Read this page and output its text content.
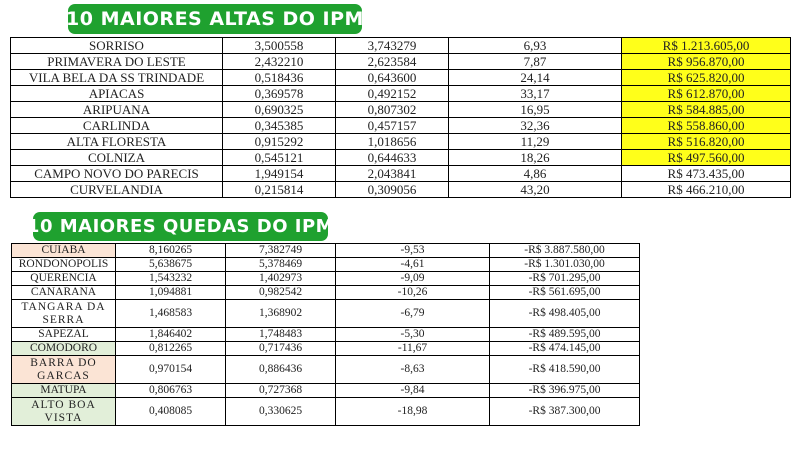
10 MAIORES ALTAS DO IPM
SORRISO	3,500558	3,743279	6,93	R$ 1.213.605,00
PRIMAVERA DO LESTE	2,432210	2,623584	7,87	R$ 956.870,00
VILA BELA DA SS TRINDADE	0,518436	0,643600	24,14	R$ 625.820,00
APIACAS	0,369578	0,492152	33,17	R$ 612.870,00
ARIPUANA	0,690325	0,807302	16,95	R$ 584.885,00
CARLINDA	0,345385	0,457157	32,36	R$ 558.860,00
ALTA FLORESTA	0,915292	1,018656	11,29	R$ 516.820,00
COLNIZA	0,545121	0,644633	18,26	R$ 497.560,00
CAMPO NOVO DO PARECIS	1,949154	2,043841	4,86	R$ 473.435,00
CURVELANDIA	0,215814	0,309056	43,20	R$ 466.210,00
10 MAIORES QUEDAS DO IPM
CUIABA	8,160265	7,382749	-9,53	-R$ 3.887.580,00
RONDONOPOLIS	5,638675	5,378469	-4,61	-R$ 1.301.030,00
QUERENCIA	1,543232	1,402973	-9,09	-R$ 701.295,00
CANARANA	1,094881	0,982542	-10,26	-R$ 561.695,00
TANGARA DA SERRA	1,468583	1,368902	-6,79	-R$ 498.405,00
SAPEZAL	1,846402	1,748483	-5,30	-R$ 489.595,00
COMODORO	0,812265	0,717436	-11,67	-R$ 474.145,00
BARRA DO GARCAS	0,970154	0,886436	-8,63	-R$ 418.590,00
MATUPA	0,806763	0,727368	-9,84	-R$ 396.975,00
ALTO BOA VISTA	0,408085	0,330625	-18,98	-R$ 387.300,00
